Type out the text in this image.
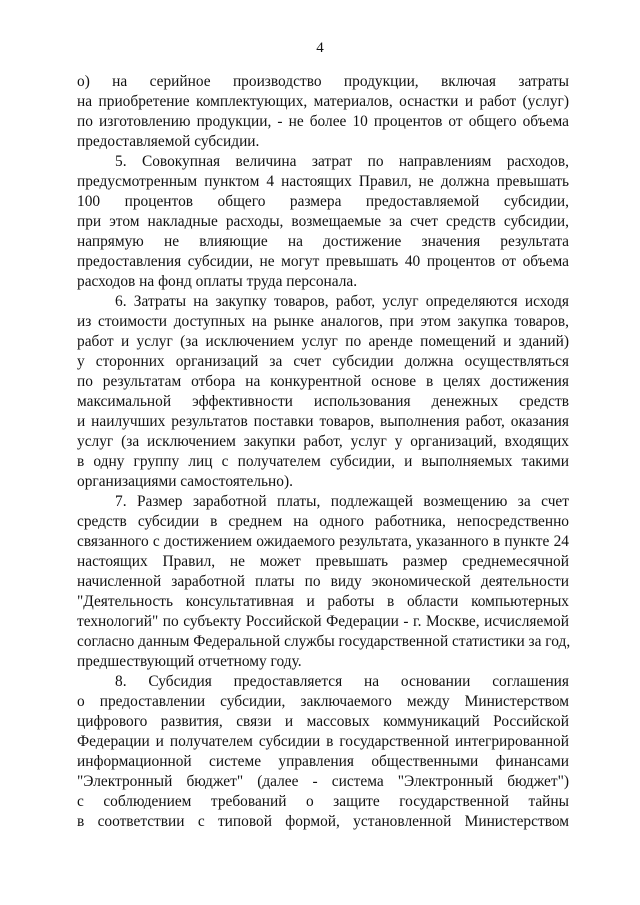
4
о) на серийное производство продукции, включая затраты
на приобретение комплектующих, материалов, оснастки и работ (услуг)
по изготовлению продукции, - не более 10 процентов от общего объема
предоставляемой субсидии.
5. Совокупная величина затрат по направлениям расходов,
предусмотренным пунктом 4 настоящих Правил, не должна превышать
100 процентов общего размера предоставляемой субсидии,
при этом накладные расходы, возмещаемые за счет средств субсидии,
напрямую не влияющие на достижение значения результата
предоставления субсидии, не могут превышать 40 процентов от объема
расходов на фонд оплаты труда персонала.
6. Затраты на закупку товаров, работ, услуг определяются исходя
из стоимости доступных на рынке аналогов, при этом закупка товаров,
работ и услуг (за исключением услуг по аренде помещений и зданий)
у сторонних организаций за счет субсидии должна осуществляться
по результатам отбора на конкурентной основе в целях достижения
максимальной эффективности использования денежных средств
и наилучших результатов поставки товаров, выполнения работ, оказания
услуг (за исключением закупки работ, услуг у организаций, входящих
в одну группу лиц с получателем субсидии, и выполняемых такими
организациями самостоятельно).
7. Размер заработной платы, подлежащей возмещению за счет
средств субсидии в среднем на одного работника, непосредственно
связанного с достижением ожидаемого результата, указанного в пункте 24
настоящих Правил, не может превышать размер среднемесячной
начисленной заработной платы по виду экономической деятельности
"Деятельность консультативная и работы в области компьютерных
технологий" по субъекту Российской Федерации - г. Москве, исчисляемой
согласно данным Федеральной службы государственной статистики за год,
предшествующий отчетному году.
8. Субсидия предоставляется на основании соглашения
о предоставлении субсидии, заключаемого между Министерством
цифрового развития, связи и массовых коммуникаций Российской
Федерации и получателем субсидии в государственной интегрированной
информационной системе управления общественными финансами
"Электронный бюджет" (далее - система "Электронный бюджет")
с соблюдением требований о защите государственной тайны
в соответствии с типовой формой, установленной Министерством
